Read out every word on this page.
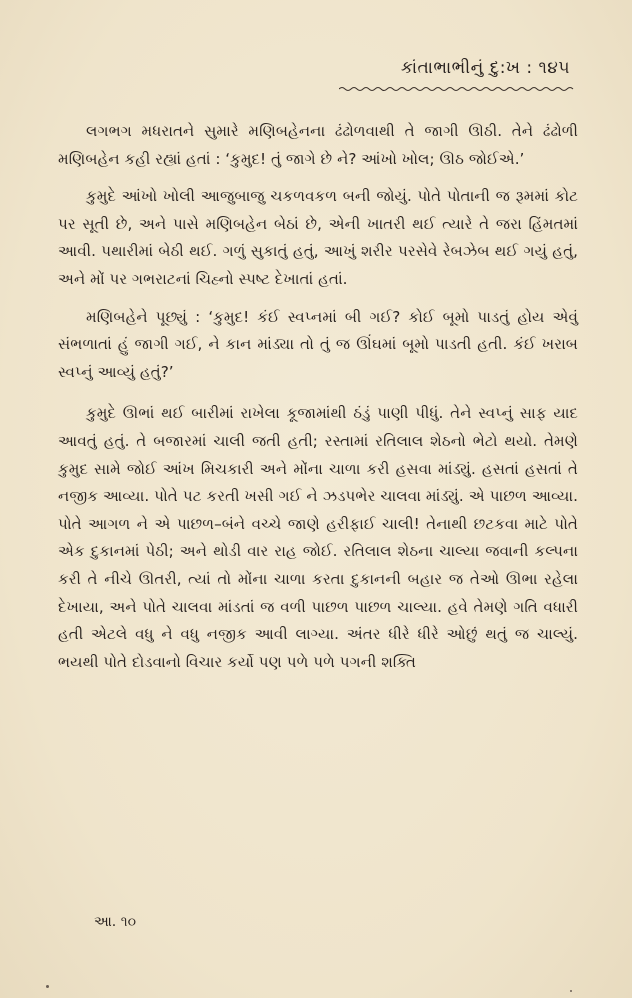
કાંતાભાભીનું દુ:ખ : ૧૪૫

લગભગ મધરાતને સુમારે મણિબહેનના ઢંઢોળવાથી તે જાગી ઊઠી. તેને ઢંઢોળી મણિબહેન કહી રહ્યાં હતાં : ‘કુમુદ! તું જાગે છે ને? આંખો ખોલ; ઊઠ જોઈએ.’

કુમુદે આંખો ખોલી આજુબાજુ ચકળવકળ બની જોયું. પોતે પોતાની જ રૂમમાં કોટ પર સૂતી છે, અને પાસે મણિબહેન બેઠાં છે, એની ખાતરી થઈ ત્યારે તે જરા હિંમતમાં આવી. પથારીમાં બેઠી થઈ. ગળું સુકાતું હતું, આખું શરીર પરસેવે રેબઝેબ થઈ ગયું હતું, અને મોં પર ગભરાટનાં ચિહ્નો સ્પષ્ટ દેખાતાં હતાં.

મણિબહેને પૂછ્યું : ‘કુમુદ! કંઈ સ્વપ્નમાં બી ગઈ? કોઈ બૂમો પાડતું હોય એવું સંભળાતાં હું જાગી ગઈ, ને કાન માંડ્યા તો તું જ ઊંઘમાં બૂમો પાડતી હતી. કંઈ ખરાબ સ્વપ્નું આવ્યું હતું?’

કુમુદે ઊભાં થઈ બારીમાં રાખેલા કૂજામાંથી ઠંડું પાણી પીધું. તેને સ્વપ્નું સાફ યાદ આવતું હતું. તે બજારમાં ચાલી જતી હતી; રસ્તામાં રતિલાલ શેઠનો ભેટો થયો. તેમણે કુમુદ સામે જોઈ આંખ મિચકારી અને મોંના ચાળા કરી હસવા માંડ્યું. હસતાં હસતાં તે નજીક આવ્યા. પોતે પટ કરતી ખસી ગઈ ને ઝડપભેર ચાલવા માંડ્યું. એ પાછળ આવ્યા. પોતે આગળ ને એ પાછળ–બંને વચ્ચે જાણે હરીફાઈ ચાલી! તેનાથી છટકવા માટે પોતે એક દુકાનમાં પેઠી; અને થોડી વાર રાહ જોઈ. રતિલાલ શેઠના ચાલ્યા જવાની કલ્પના કરી તે નીચે ઊતરી, ત્યાં તો મોંના ચાળા કરતા દુકાનની બહાર જ તેઓ ઊભા રહેલા દેખાયા, અને પોતે ચાલવા માંડતાં જ વળી પાછળ પાછળ ચાલ્યા. હવે તેમણે ગતિ વધારી હતી એટલે વધુ ને વધુ નજીક આવી લાગ્યા. અંતર ધીરે ધીરે ઓછું થતું જ ચાલ્યું. ભયથી પોતે દોડવાનો વિચાર કર્યો પણ પળે પળે પગની શક્તિ

આ. ૧૦
